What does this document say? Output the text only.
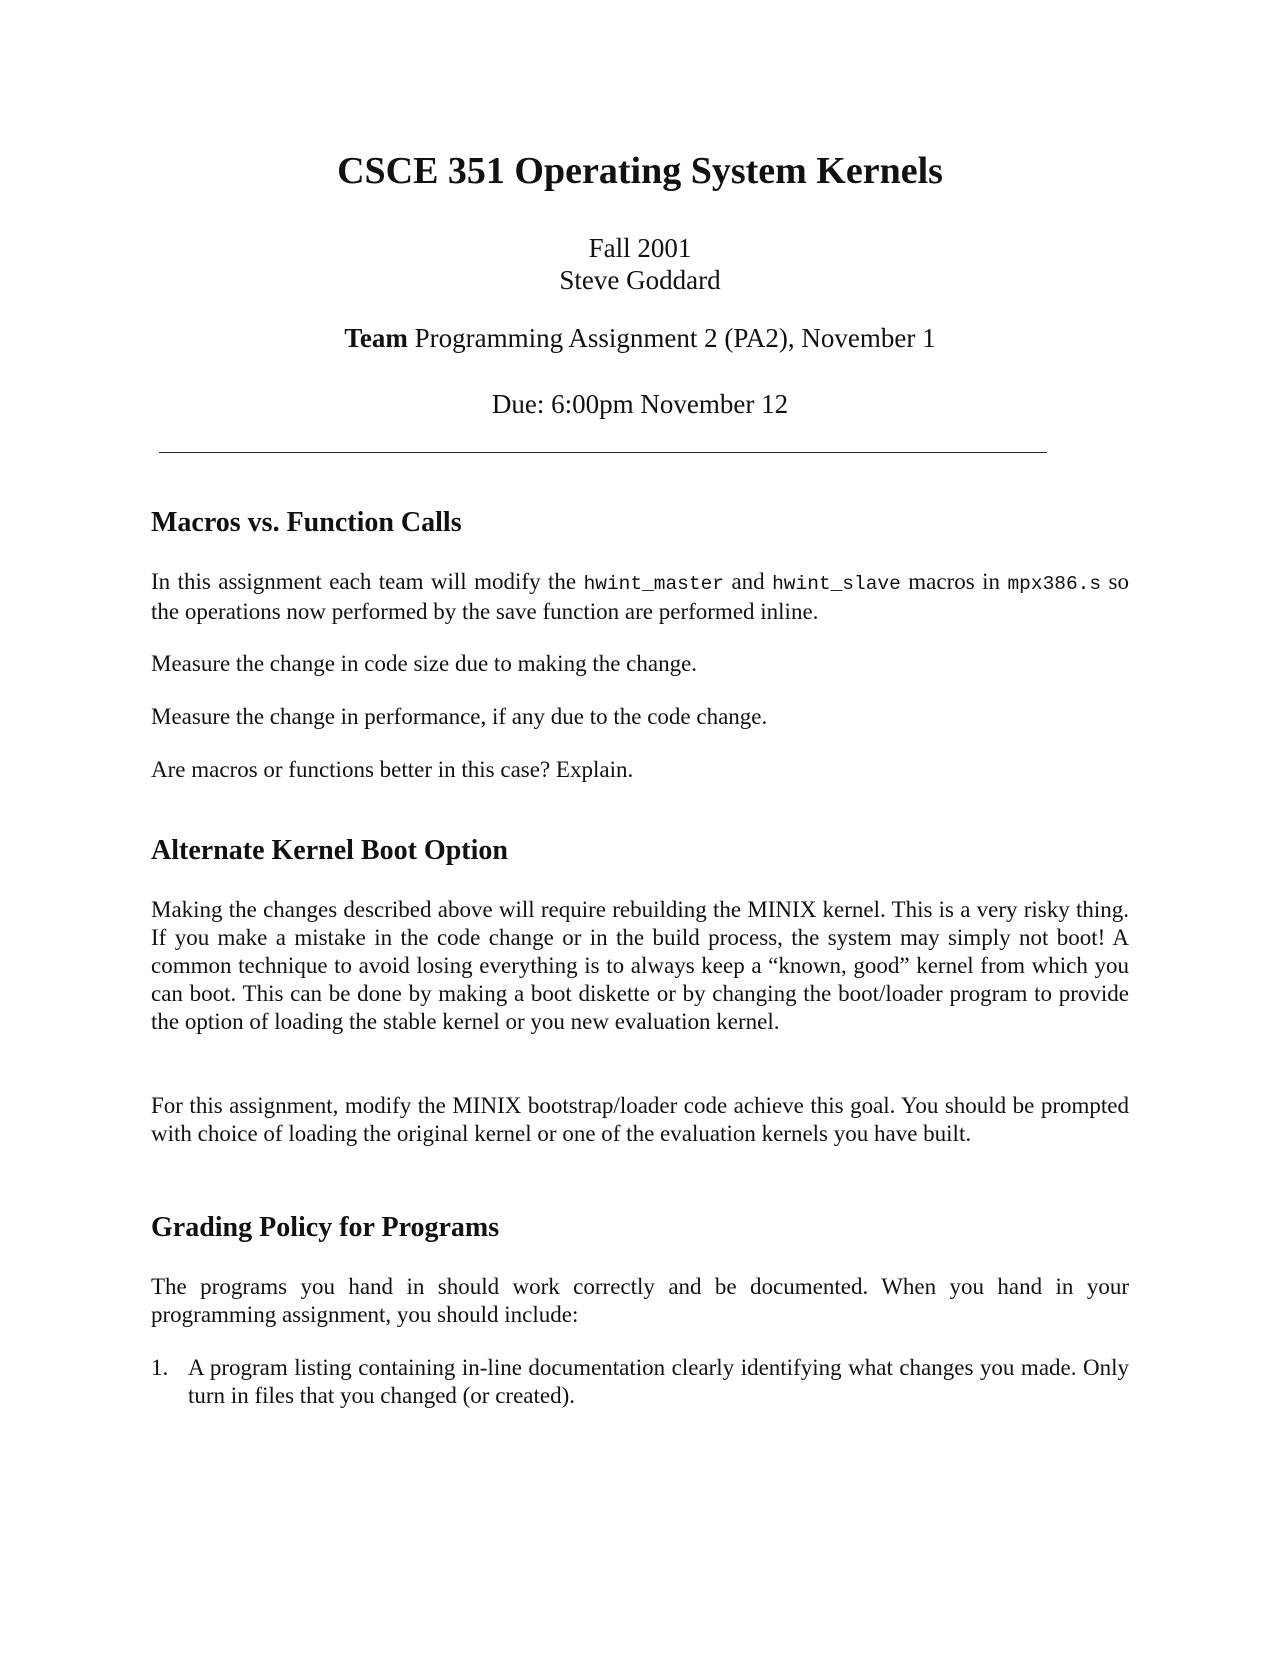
CSCE 351 Operating System Kernels
Fall 2001
Steve Goddard
Team Programming Assignment 2 (PA2), November 1
Due: 6:00pm November 12
Macros vs. Function Calls

In this assignment each team will modify the hwint_master and hwint_slave macros in mpx386.s so the operations now performed by the save function are performed inline.

Measure the change in code size due to making the change.

Measure the change in performance, if any due to the code change.

Are macros or functions better in this case? Explain.

Alternate Kernel Boot Option

Making the changes described above will require rebuilding the MINIX kernel. This is a very risky thing. If you make a mistake in the code change or in the build process, the system may simply not boot! A common technique to avoid losing everything is to always keep a “known, good” kernel from which you can boot. This can be done by making a boot diskette or by changing the boot/loader program to provide the option of loading the stable kernel or you new evaluation kernel.

For this assignment, modify the MINIX bootstrap/loader code achieve this goal. You should be prompted with choice of loading the original kernel or one of the evaluation kernels you have built.

Grading Policy for Programs

The programs you hand in should work correctly and be documented. When you hand in your programming assignment, you should include:

1. A program listing containing in-line documentation clearly identifying what changes you made. Only turn in files that you changed (or created).
